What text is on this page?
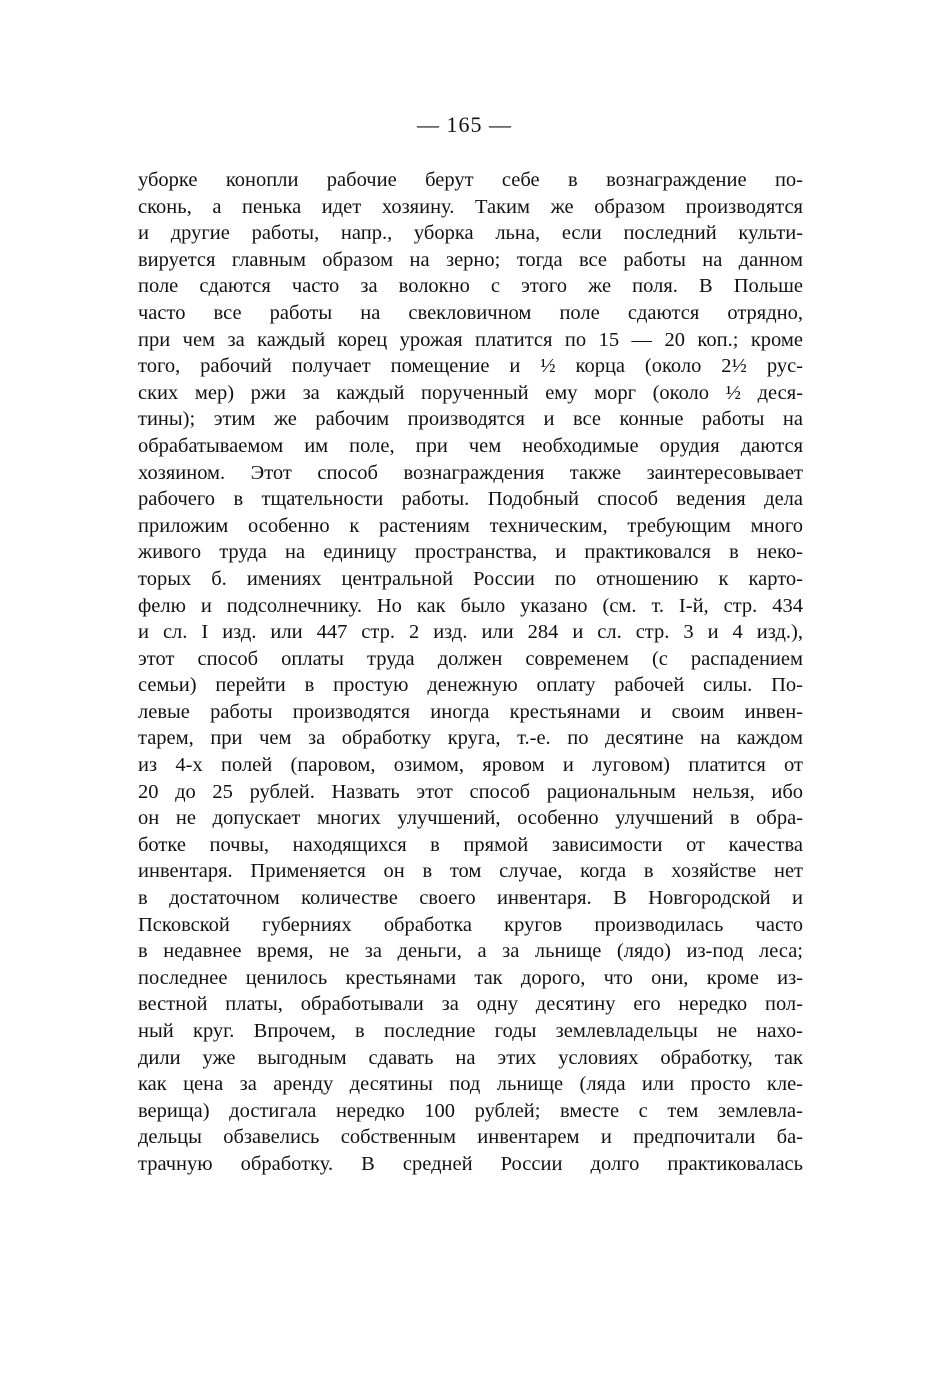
— 165 —
уборке конопли рабочие берут себе в вознаграждение по-
сконь, а пенька идет хозяину. Таким же образом производятся
и другие работы, напр., уборка льна, если последний культи-
вируется главным образом на зерно; тогда все работы на данном
поле сдаются часто за волокно с этого же поля. В Польше
часто все работы на свекловичном поле сдаются отрядно,
при чем за каждый корец урожая платится по 15 — 20 коп.; кроме
того, рабочий получает помещение и ½ корца (около 2½ рус-
ских мер) ржи за каждый порученный ему морг (около ½ деся-
тины); этим же рабочим производятся и все конные работы на
обрабатываемом им поле, при чем необходимые орудия даются
хозяином. Этот способ вознаграждения также заинтересовывает
рабочего в тщательности работы. Подобный способ ведения дела
приложим особенно к растениям техническим, требующим много
живого труда на единицу пространства, и практиковался в неко-
торых б. имениях центральной России по отношению к карто-
фелю и подсолнечнику. Но как было указано (см. т. I-й, стр. 434
и сл. I изд. или 447 стр. 2 изд. или 284 и сл. стр. 3 и 4 изд.),
этот способ оплаты труда должен современем (с распадением
семьи) перейти в простую денежную оплату рабочей силы. По-
левые работы производятся иногда крестьянами и своим инвен-
тарем, при чем за обработку круга, т.-е. по десятине на каждом
из 4-х полей (паровом, озимом, яровом и луговом) платится от
20 до 25 рублей. Назвать этот способ рациональным нельзя, ибо
он не допускает многих улучшений, особенно улучшений в обра-
ботке почвы, находящихся в прямой зависимости от качества
инвентаря. Применяется он в том случае, когда в хозяйстве нет
в достаточном количестве своего инвентаря. В Новгородской и
Псковской губерниях обработка кругов производилась часто
в недавнее время, не за деньги, а за льнище (лядо) из-под леса;
последнее ценилось крестьянами так дорого, что они, кроме из-
вестной платы, обработывали за одну десятину его нередко пол-
ный круг. Впрочем, в последние годы землевладельцы не нахо-
дили уже выгодным сдавать на этих условиях обработку, так
как цена за аренду десятины под льнище (ляда или просто кле-
верища) достигала нередко 100 рублей; вместе с тем землевла-
дельцы обзавелись собственным инвентарем и предпочитали ба-
трачную обработку. В средней России долго практиковалась
